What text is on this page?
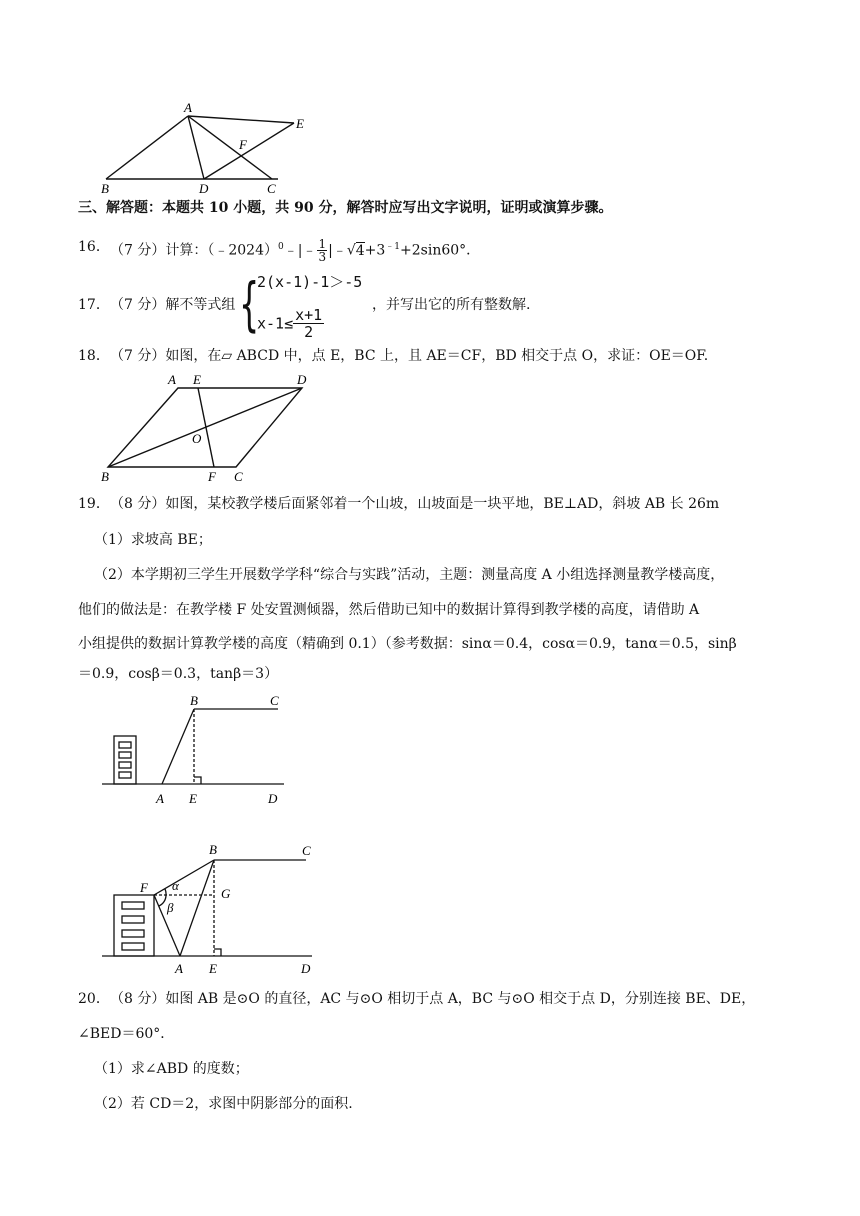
A
E
F
B	D	C
三、解答题：本题共 10 小题，共 90 分，解答时应写出文字说明，证明或演算步骤。
16． （7 分）计算：（﹣2024）$^0$﹣|﹣ $\frac{1}{3}$ $|﹣√4+3^{﹣1}+2\sin 60^\circ$．
17． （7 分）解不等式组 {
2(x-1)-1＞-5
$x-1\le \frac{x+1}{2}$
，并写出它的所有整数解.
18． （7 分）如图，在▱ ABCD 中，点 E，BC 上，且 AE＝CF，BD 相交于点 O，求证：OE＝OF.
A E	D
O
B	F C
19． （8 分）如图，某校教学楼后面紧邻着一个山坡，山坡面是一块平地，BE⊥AD，斜坡 AB 长 26m
（1）求坡高 BE；
（2）本学期初三学生开展数学学科“综合与实践”活动，主题：测量高度 A 小组选择测量教学楼高度，
他们的做法是：在教学楼 F 处安置测倾器，然后借助已知中的数据计算得到教学楼的高度，请借助 A
小组提供的数据计算教学楼的高度（精确到 0.1）（参考数据：sinα＝0.4，cosα＝0.9，tanα＝0.5，sinβ
＝0.9，cosβ＝0.3，tanβ＝3）
B	C
A E	D
B	C
F α
β
G
A E	D
20． （8 分）如图 AB 是⊙O 的直径，AC 与⊙O 相切于点 A，BC 与⊙O 相交于点 D，分别连接 BE、DE，
∠BED＝60°．
（1）求∠ABD 的度数；
（2）若 CD＝2，求图中阴影部分的面积.
